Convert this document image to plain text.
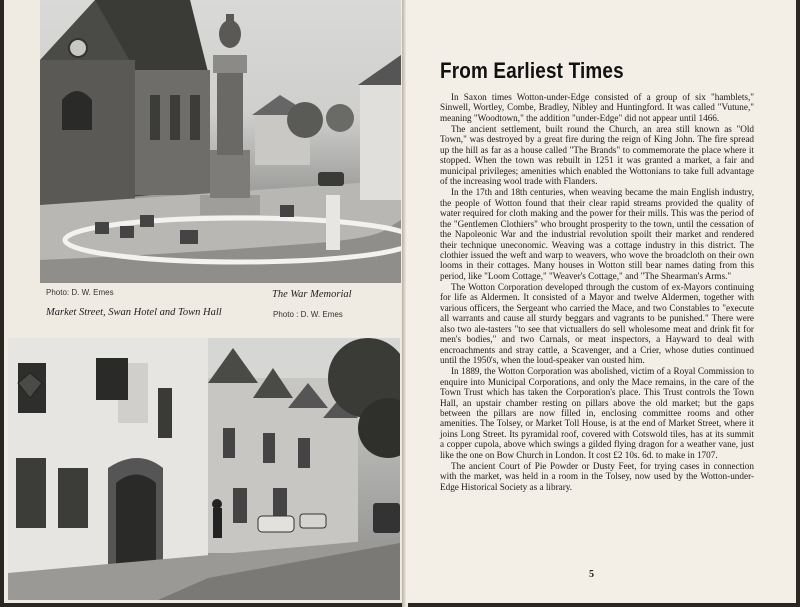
Photo: D. W. Emes	The War Memorial
Market Street, Swan Hotel and Town Hall	Photo : D. W. Emes
From Earliest Times

In Saxon times Wotton-under-Edge consisted of a group of six "hamblets," Sinwell, Wortley, Combe, Bradley, Nibley and Huntingford. It was called "Vutune," meaning "Woodtown," the addition "under-Edge" did not appear until 1466.

The ancient settlement, built round the Church, an area still known as "Old Town," was destroyed by a great fire during the reign of King John. The fire spread up the hill as far as a house called "The Brands" to commemorate the place where it stopped. When the town was rebuilt in 1251 it was granted a market, a fair and municipal privileges; amenities which enabled the Wottonians to take full advantage of the increasing wool trade with Flanders.

In the 17th and 18th centuries, when weaving became the main English industry, the people of Wotton found that their clear rapid streams provided the quality of water required for cloth making and the power for their mills. This was the period of the "Gentlemen Clothiers" who brought prosperity to the town, until the cessation of the Napoleonic War and the industrial revolution spoilt their market and rendered their technique uneconomic. Weaving was a cottage industry in this district. The clothier issued the weft and warp to weavers, who wove the broadcloth on their own looms in their cottages. Many houses in Wotton still bear names dating from this period, like "Loom Cottage," "Weaver's Cottage," and "The Shearman's Arms."

The Wotton Corporation developed through the custom of ex-Mayors continuing for life as Aldermen. It consisted of a Mayor and twelve Aldermen, together with various officers, the Sergeant who carried the Mace, and two Constables to "execute all warrants and cause all sturdy beggars and vagrants to be punished." There were also two ale-tasters "to see that victuallers do sell wholesome meat and drink fit for men's bodies," and two Carnals, or meat inspectors, a Hayward to deal with encroachments and stray cattle, a Scavenger, and a Crier, whose duties continued until the 1950's, when the loud-speaker van ousted him.

In 1889, the Wotton Corporation was abolished, victim of a Royal Commission to enquire into Municipal Corporations, and only the Mace remains, in the care of the Town Trust which has taken the Corporation's place. This Trust controls the Town Hall, an upstair chamber resting on pillars above the old market; but the gaps between the pillars are now filled in, enclosing committee rooms and other amenities. The Tolsey, or Market Toll House, is at the end of Market Street, where it joins Long Street. Its pyramidal roof, covered with Cotswold tiles, has at its summit a copper cupola, above which swings a gilded flying dragon for a weather vane, just like the one on Bow Church in London. It cost £2 10s. 6d. to make in 1707.

The ancient Court of Pie Powder or Dusty Feet, for trying cases in connection with the market, was held in a room in the Tolsey, now used by the Wotton-under-Edge Historical Society as a library.

5
